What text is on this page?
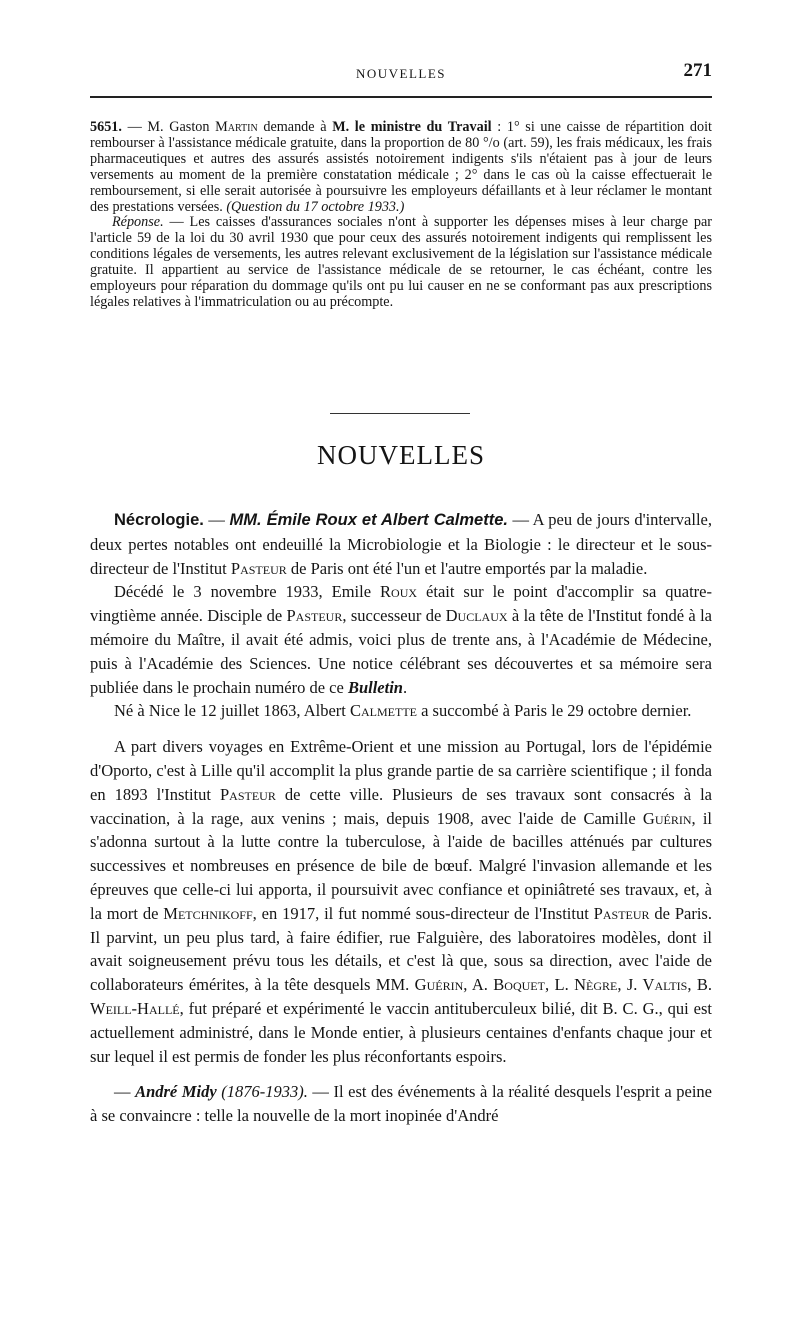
NOUVELLES	271

5651. — M. Gaston Martin demande à M. le ministre du Travail : 1° si une caisse de répartition doit rembourser à l'assistance médicale gratuite, dans la proportion de 80 °/o (art. 59), les frais médicaux, les frais pharmaceutiques et autres des assurés assistés notoirement indigents s'ils n'étaient pas à jour de leurs versements au moment de la première constatation médicale ; 2° dans le cas où la caisse effectuerait le remboursement, si elle serait autorisée à poursuivre les employeurs défaillants et à leur réclamer le montant des prestations versées. (Question du 17 octobre 1933.)

Réponse. — Les caisses d'assurances sociales n'ont à supporter les dépenses mises à leur charge par l'article 59 de la loi du 30 avril 1930 que pour ceux des assurés notoirement indigents qui remplissent les conditions légales de versements, les autres relevant exclusivement de la législation sur l'assistance médicale gratuite. Il appartient au service de l'assistance médicale de se retourner, le cas échéant, contre les employeurs pour réparation du dommage qu'ils ont pu lui causer en ne se conformant pas aux prescriptions légales relatives à l'immatriculation ou au précompte.

NOUVELLES

Nécrologie. — MM. Émile Roux et Albert Calmette. — A peu de jours d'intervalle, deux pertes notables ont endeuillé la Microbiologie et la Biologie : le directeur et le sous-directeur de l'Institut Pasteur de Paris ont été l'un et l'autre emportés par la maladie.

Décédé le 3 novembre 1933, Emile Roux était sur le point d'accomplir sa quatre-vingtième année. Disciple de Pasteur, successeur de Duclaux à la tête de l'Institut fondé à la mémoire du Maître, il avait été admis, voici plus de trente ans, à l'Académie de Médecine, puis à l'Académie des Sciences. Une notice célébrant ses découvertes et sa mémoire sera publiée dans le prochain numéro de ce Bulletin.

Né à Nice le 12 juillet 1863, Albert Calmette a succombé à Paris le 29 octobre dernier.

A part divers voyages en Extrême-Orient et une mission au Portugal, lors de l'épidémie d'Oporto, c'est à Lille qu'il accomplit la plus grande partie de sa carrière scientifique ; il fonda en 1893 l'Institut Pasteur de cette ville. Plusieurs de ses travaux sont consacrés à la vaccination, à la rage, aux venins ; mais, depuis 1908, avec l'aide de Camille Guérin, il s'adonna surtout à la lutte contre la tuberculose, à l'aide de bacilles atténués par cultures successives et nombreuses en présence de bile de bœuf. Malgré l'invasion allemande et les épreuves que celle-ci lui apporta, il poursuivit avec confiance et opiniâtreté ses travaux, et, à la mort de Metchnikoff, en 1917, il fut nommé sous-directeur de l'Institut Pasteur de Paris. Il parvint, un peu plus tard, à faire édifier, rue Falguière, des laboratoires modèles, dont il avait soigneusement prévu tous les détails, et c'est là que, sous sa direction, avec l'aide de collaborateurs émérites, à la tête desquels MM. Guérin, A. Boquet, L. Nègre, J. Valtis, B. Weill-Hallé, fut préparé et expérimenté le vaccin antituberculeux bilié, dit B. C. G., qui est actuellement administré, dans le Monde entier, à plusieurs centaines d'enfants chaque jour et sur lequel il est permis de fonder les plus réconfortants espoirs.

— André Midy (1876-1933). — Il est des événements à la réalité desquels l'esprit a peine à se convaincre : telle la nouvelle de la mort inopinée d'André
